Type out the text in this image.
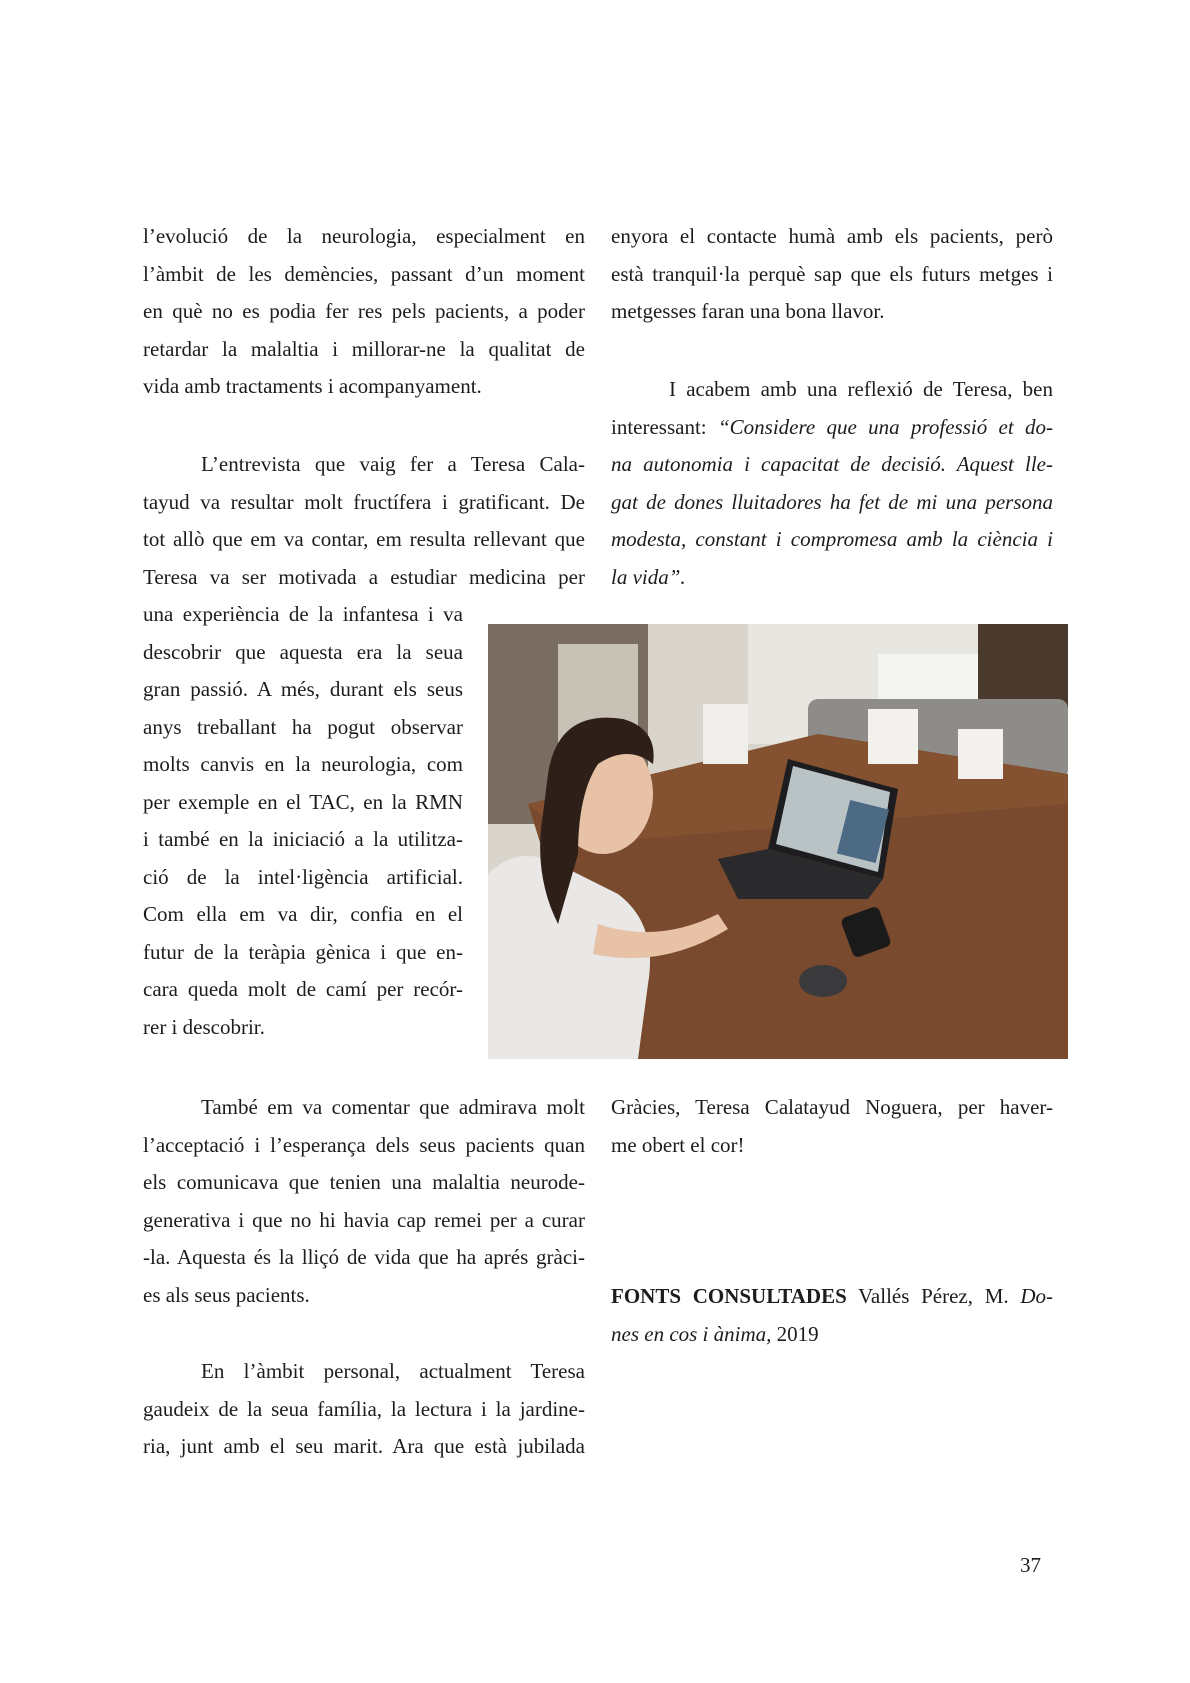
l’evolució de la neurologia, especialment en
l’àmbit de les demències, passant d’un moment
en què no es podia fer res pels pacients, a poder
retardar la malaltia i millorar-ne la qualitat de
vida amb tractaments i acompanyament.
L’entrevista que vaig fer a Teresa Cala-
tayud va resultar molt fructífera i gratificant. De
tot allò que em va contar, em resulta rellevant que
Teresa va ser motivada a estudiar medicina per
una experiència de la infantesa i va
descobrir que aquesta era la seua
gran passió. A més, durant els seus
anys treballant ha pogut observar
molts canvis en la neurologia, com
per exemple en el TAC, en la RMN
i també en la iniciació a la utilitza-
ció de la intel·ligència artificial.
Com ella em va dir, confia en el
futur de la teràpia gènica i que en-
cara queda molt de camí per recór-
rer i descobrir.
També em va comentar que admirava molt
l’acceptació i l’esperança dels seus pacients quan
els comunicava que tenien una malaltia neurode-
generativa i que no hi havia cap remei per a curar
-la. Aquesta és la lliçó de vida que ha aprés gràci-
es als seus pacients.
En l’àmbit personal, actualment Teresa
gaudeix de la seua família, la lectura i la jardine-
ria, junt amb el seu marit. Ara que està jubilada
enyora el contacte humà amb els pacients, però
està tranquil·la perquè sap que els futurs metges i
metgesses faran una bona llavor.
I acabem amb una reflexió de Teresa, ben
interessant: “Considere que una professió et do-
na autonomia i capacitat de decisió. Aquest lle-
gat de dones lluitadores ha fet de mi una persona
modesta, constant i compromesa amb la ciència i
la vida”.
Gràcies, Teresa Calatayud Noguera, per haver-
me obert el cor!
FONTS CONSULTADES Vallés Pérez, M. Do-
nes en cos i ànima, 2019
37
